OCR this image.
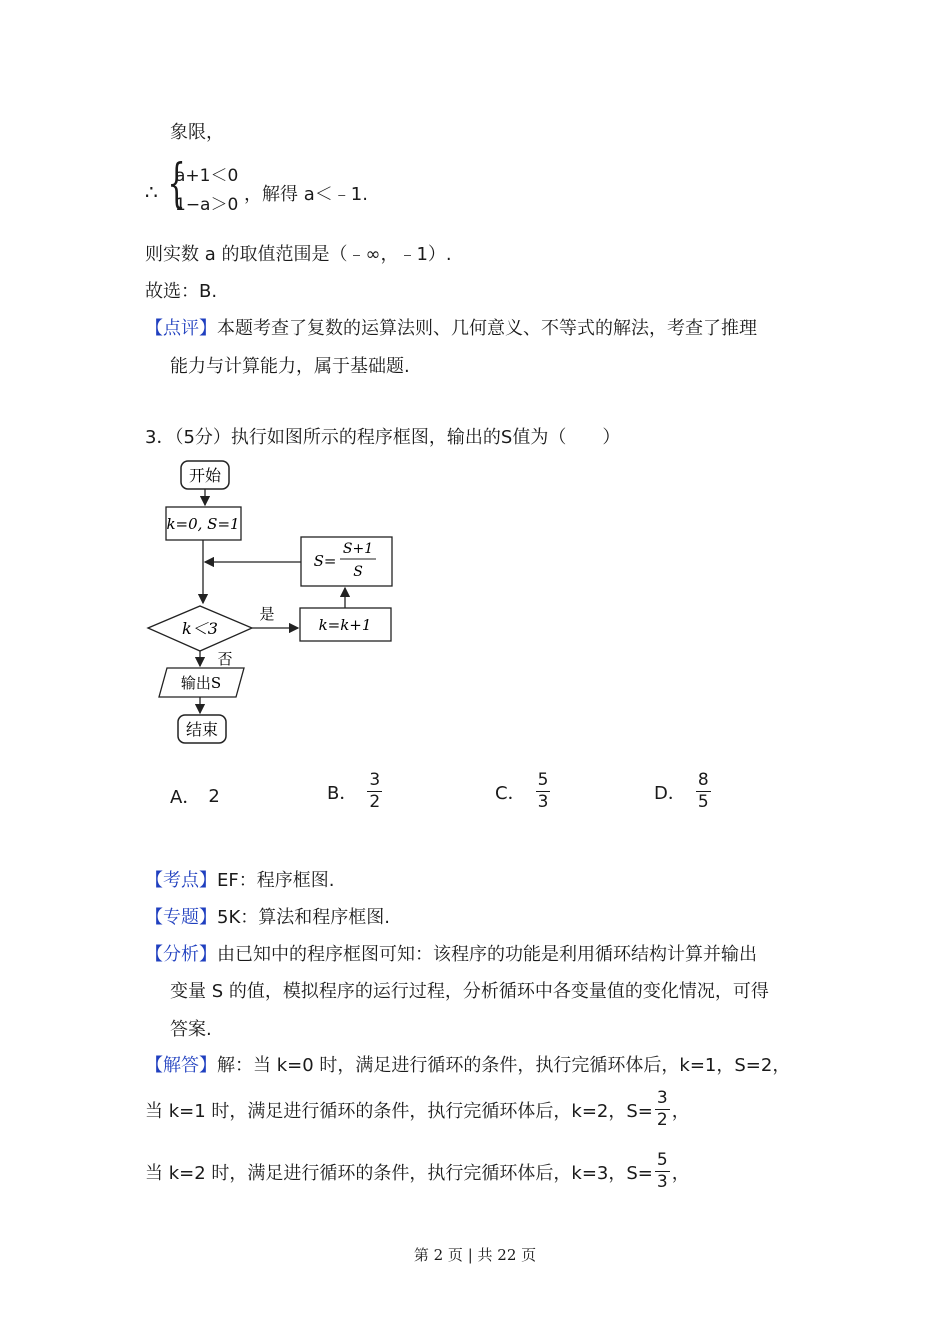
象限，
∴ {
a+1＜0
1−a＞0 ，解得 a＜﹣1.
则实数 a 的取值范围是（﹣∞，﹣1）.
故选：B.
【点评】本题考查了复数的运算法则、几何意义、不等式的解法，考查了推理
能力与计算能力，属于基础题.
3．（5分）执行如图所示的程序框图，输出的S值为（　　）
开始
k=0, S=1
S=
S+1
S
k＜3
是
k=k+1
否
输出S
结束
A． 2	B． $\frac{3}{2}$	C． $\frac{5}{3}$	D． $\frac{8}{5}$
【考点】EF：程序框图.
【专题】5K：算法和程序框图.
【分析】由已知中的程序框图可知：该程序的功能是利用循环结构计算并输出
变量 S 的值，模拟程序的运行过程，分析循环中各变量值的变化情况，可得
答案.
【解答】解：当 k=0 时，满足进行循环的条件，执行完循环体后，k=1，S=2，
当 k=1 时，满足进行循环的条件，执行完循环体后，k=2，$S= \frac{3}{2}$ ，
当 k=2 时，满足进行循环的条件，执行完循环体后，k=3，$S= \frac{5}{3}$ ，
第 2 页 | 共 22 页
